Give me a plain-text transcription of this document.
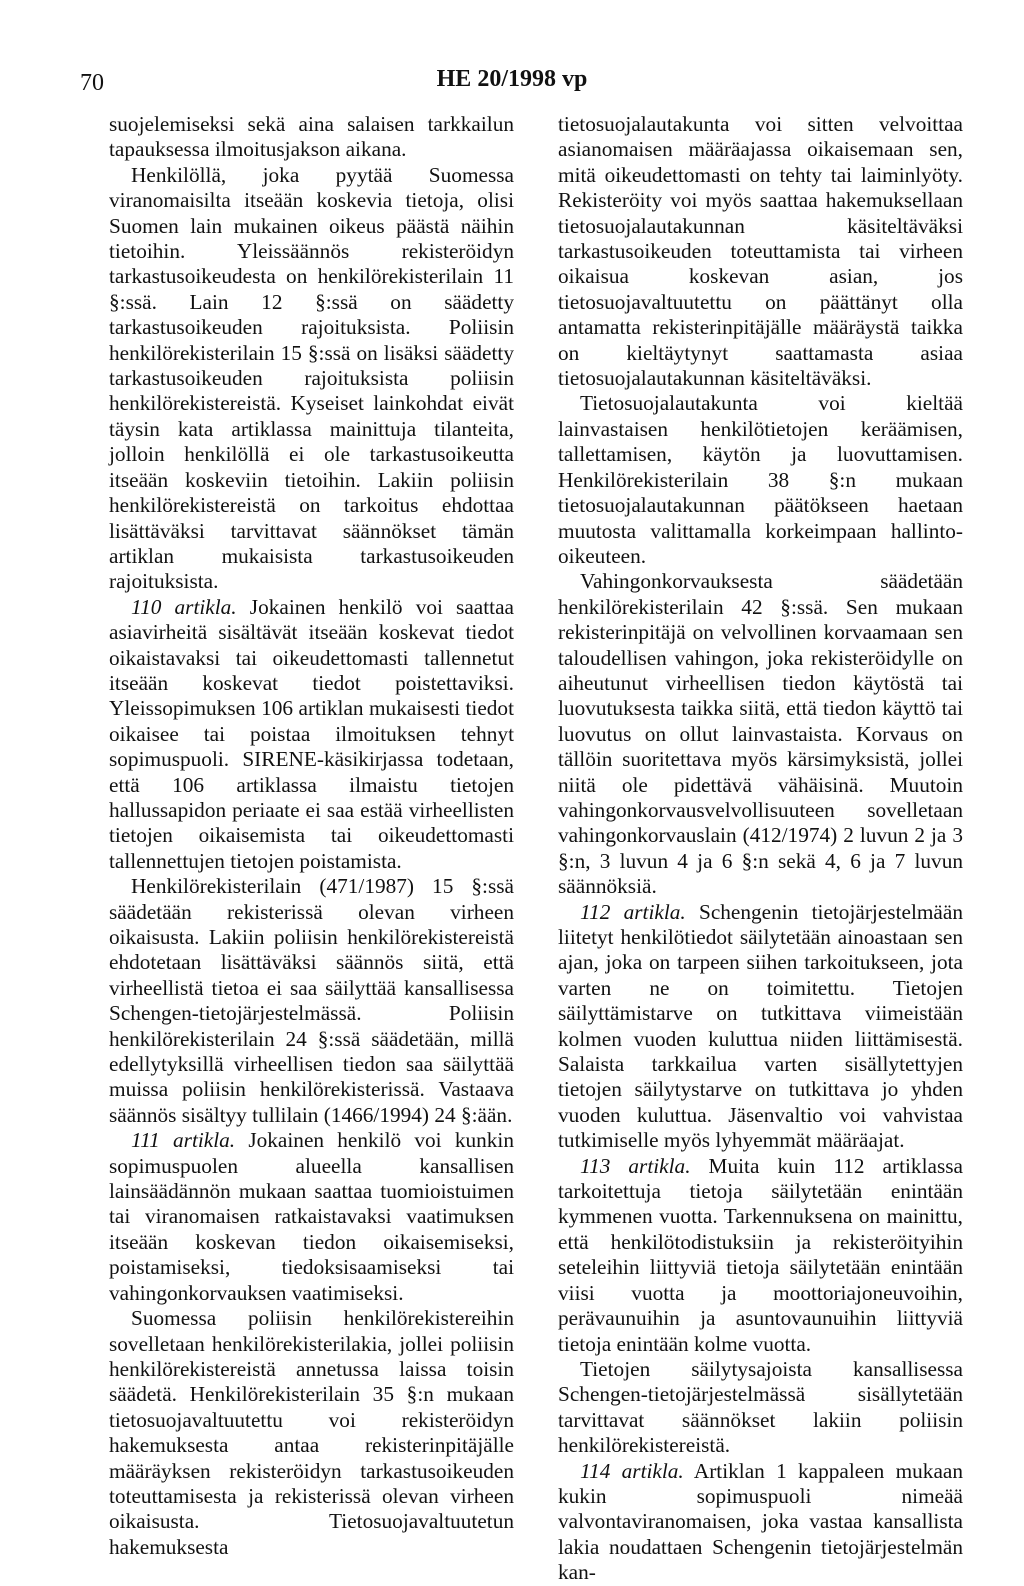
70	HE 20/1998 vp

suojelemiseksi sekä aina salaisen tarkkailun tapauksessa ilmoitusjakson aikana.

Henkilöllä, joka pyytää Suomessa viranomaisilta itseään koskevia tietoja, olisi Suomen lain mukainen oikeus päästä näihin tietoihin. Yleissäännös rekisteröidyn tarkastusoikeudesta on henkilörekisterilain 11 §:ssä. Lain 12 §:ssä on säädetty tarkastusoikeuden rajoituksista. Poliisin henkilörekisterilain 15 §:ssä on lisäksi säädetty tarkastusoikeuden rajoituksista poliisin henkilörekistereistä. Kyseiset lainkohdat eivät täysin kata artiklassa mainittuja tilanteita, jolloin henkilöllä ei ole tarkastusoikeutta itseään koskeviin tietoihin. Lakiin poliisin henkilörekistereistä on tarkoitus ehdottaa lisättäväksi tarvittavat säännökset tämän artiklan mukaisista tarkastusoikeuden rajoituksista.

110 artikla. Jokainen henkilö voi saattaa asiavirheitä sisältävät itseään koskevat tiedot oikaistavaksi tai oikeudettomasti tallennetut itseään koskevat tiedot poistettaviksi. Yleissopimuksen 106 artiklan mukaisesti tiedot oikaisee tai poistaa ilmoituksen tehnyt sopimuspuoli. SIRENE-käsikirjassa todetaan, että 106 artiklassa ilmaistu tietojen hallussapidon periaate ei saa estää virheellisten tietojen oikaisemista tai oikeudettomasti tallennettujen tietojen poistamista.

Henkilörekisterilain (471/1987) 15 §:ssä säädetään rekisterissä olevan virheen oikaisusta. Lakiin poliisin henkilörekistereistä ehdotetaan lisättäväksi säännös siitä, että virheellistä tietoa ei saa säilyttää kansallisessa Schengen-tietojärjestelmässä. Poliisin henkilörekisterilain 24 §:ssä säädetään, millä edellytyksillä virheellisen tiedon saa säilyttää muissa poliisin henkilörekisterissä. Vastaava säännös sisältyy tullilain (1466/1994) 24 §:ään.

111 artikla. Jokainen henkilö voi kunkin sopimuspuolen alueella kansallisen lainsäädännön mukaan saattaa tuomioistuimen tai viranomaisen ratkaistavaksi vaatimuksen itseään koskevan tiedon oikaisemiseksi, poistamiseksi, tiedoksisaamiseksi tai vahingonkorvauksen vaatimiseksi.

Suomessa poliisin henkilörekistereihin sovelletaan henkilörekisterilakia, jollei poliisin henkilörekistereistä annetussa laissa toisin säädetä. Henkilörekisterilain 35 §:n mukaan tietosuojavaltuutettu voi rekisteröidyn hakemuksesta antaa rekisterinpitäjälle määräyksen rekisteröidyn tarkastusoikeuden toteuttamisesta ja rekisterissä olevan virheen oikaisusta. Tietosuojavaltuutetun hakemuksesta

tietosuojalautakunta voi sitten velvoittaa asianomaisen määräajassa oikaisemaan sen, mitä oikeudettomasti on tehty tai laiminlyöty. Rekisteröity voi myös saattaa hakemuksellaan tietosuojalautakunnan käsiteltäväksi tarkastusoikeuden toteuttamista tai virheen oikaisua koskevan asian, jos tietosuojavaltuutettu on päättänyt olla antamatta rekisterinpitäjälle määräystä taikka on kieltäytynyt saattamasta asiaa tietosuojalautakunnan käsiteltäväksi.

Tietosuojalautakunta voi kieltää lainvastaisen henkilötietojen keräämisen, tallettamisen, käytön ja luovuttamisen. Henkilörekisterilain 38 §:n mukaan tietosuojalautakunnan päätökseen haetaan muutosta valittamalla korkeimpaan hallinto-oikeuteen.

Vahingonkorvauksesta säädetään henkilörekisterilain 42 §:ssä. Sen mukaan rekisterinpitäjä on velvollinen korvaamaan sen taloudellisen vahingon, joka rekisteröidylle on aiheutunut virheellisen tiedon käytöstä tai luovutuksesta taikka siitä, että tiedon käyttö tai luovutus on ollut lainvastaista. Korvaus on tällöin suoritettava myös kärsimyksistä, jollei niitä ole pidettävä vähäisinä. Muutoin vahingonkorvausvelvollisuuteen sovelletaan vahingonkorvauslain (412/1974) 2 luvun 2 ja 3 §:n, 3 luvun 4 ja 6 §:n sekä 4, 6 ja 7 luvun säännöksiä.

112 artikla. Schengenin tietojärjestelmään liitetyt henkilötiedot säilytetään ainoastaan sen ajan, joka on tarpeen siihen tarkoitukseen, jota varten ne on toimitettu. Tietojen säilyttämistarve on tutkittava viimeistään kolmen vuoden kuluttua niiden liittämisestä. Salaista tarkkailua varten sisällytettyjen tietojen säilytystarve on tutkittava jo yhden vuoden kuluttua. Jäsenvaltio voi vahvistaa tutkimiselle myös lyhyemmät määräajat.

113 artikla. Muita kuin 112 artiklassa tarkoitettuja tietoja säilytetään enintään kymmenen vuotta. Tarkennuksena on mainittu, että henkilötodistuksiin ja rekisteröityihin seteleihin liittyviä tietoja säilytetään enintään viisi vuotta ja moottoriajoneuvoihin, perävaunuihin ja asuntovaunuihin liittyviä tietoja enintään kolme vuotta.

Tietojen säilytysajoista kansallisessa Schengen-tietojärjestelmässä sisällytetään tarvittavat säännökset lakiin poliisin henkilörekistereistä.

114 artikla. Artiklan 1 kappaleen mukaan kukin sopimuspuoli nimeää valvontaviranomaisen, joka vastaa kansallista lakia noudattaen Schengenin tietojärjestelmän kan-
